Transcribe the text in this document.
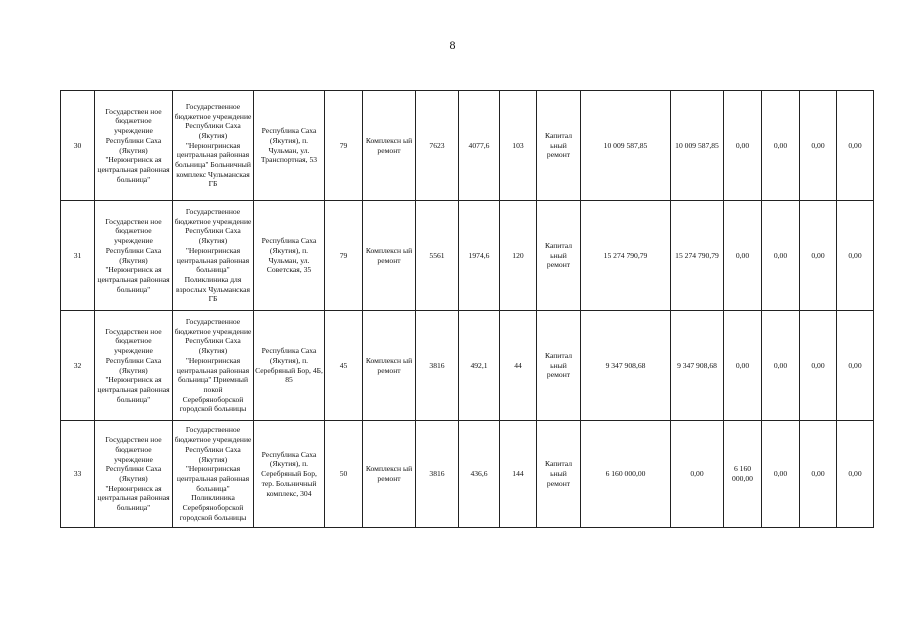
8
30	Государствен ное бюджетное учреждение Республики Саха (Якутия) "Нерюнгринск ая центральная районная больница"	Государственное бюджетное учреждение Республики Саха (Якутия) "Нерюнгринская центральная районная больница" Больничный комплекс Чульманская ГБ	Республика Саха (Якутия), п. Чульман, ул. Транспортная, 53	79	Комплексн ый ремонт	7623	4077,6	103	Капитал ьный ремонт	10 009 587,85	10 009 587,85	0,00	0,00	0,00	0,00
31	Государствен ное бюджетное учреждение Республики Саха (Якутия) "Нерюнгринск ая центральная районная больница"	Государственное бюджетное учреждение Республики Саха (Якутия) "Нерюнгринская центральная районная больница" Поликлиника для взрослых Чульманская ГБ	Республика Саха (Якутия), п. Чульман, ул. Советская, 35	79	Комплексн ый ремонт	5561	1974,6	120	Капитал ьный ремонт	15 274 790,79	15 274 790,79	0,00	0,00	0,00	0,00
32	Государствен ное бюджетное учреждение Республики Саха (Якутия) "Нерюнгринск ая центральная районная больница"	Государственное бюджетное учреждение Республики Саха (Якутия) "Нерюнгринская центральная районная больница" Приемный покой Серебряноборской городской больницы	Республика Саха (Якутия), п. Серебряный Бор, 4Б, 85	45	Комплексн ый ремонт	3816	492,1	44	Капитал ьный ремонт	9 347 908,68	9 347 908,68	0,00	0,00	0,00	0,00
33	Государствен ное бюджетное учреждение Республики Саха (Якутия) "Нерюнгринск ая центральная районная больница"	Государственное бюджетное учреждение Республики Саха (Якутия) "Нерюнгринская центральная районная больница" Поликлиника Серебряноборской городской больницы	Республика Саха (Якутия), п. Серебряный Бор, тер. Больничный комплекс, 304	50	Комплексн ый ремонт	3816	436,6	144	Капитал ьный ремонт	6 160 000,00	0,00	6 160 000,00	0,00	0,00	0,00
